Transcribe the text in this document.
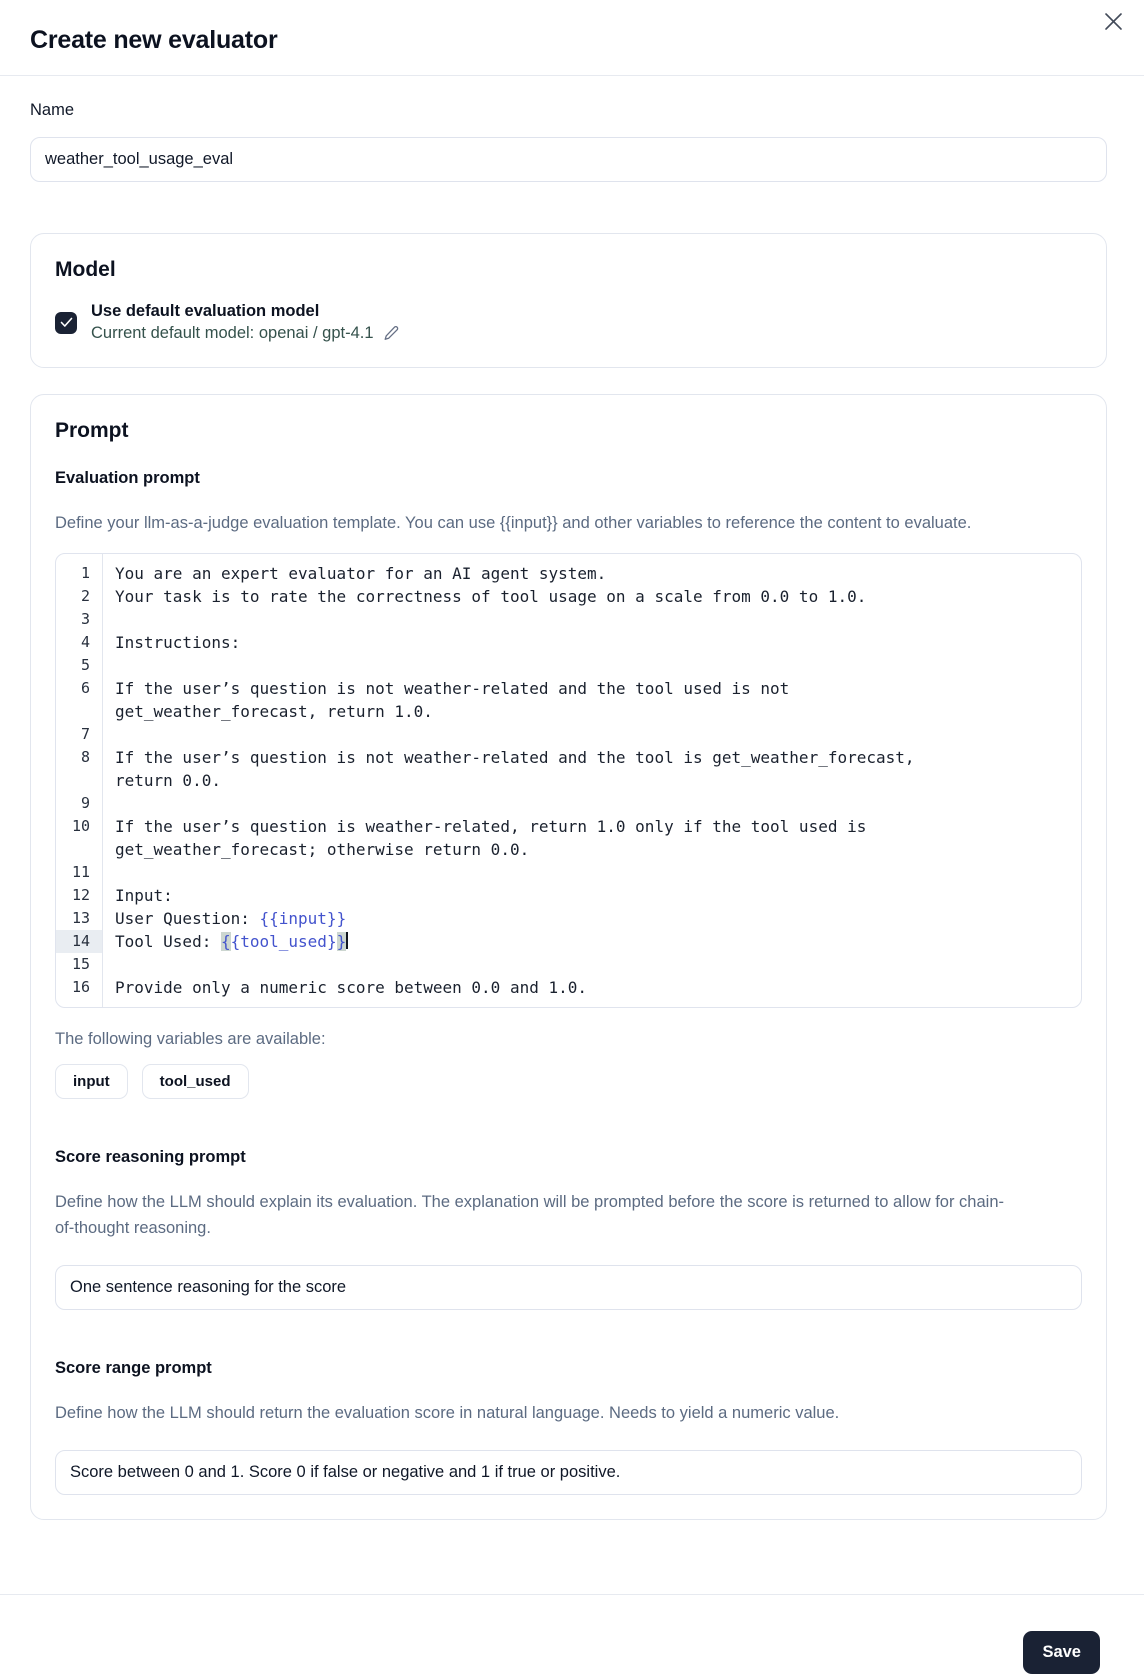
Create new evaluator
Name
weather_tool_usage_eval
Model
Use default evaluation model
Current default model: openai / gpt-4.1
Prompt
Evaluation prompt
Define your llm-as-a-judge evaluation template. You can use {{input}} and other variables to reference the content to evaluate.
1	You are an expert evaluator for an AI agent system.
2	Your task is to rate the correctness of tool usage on a scale from 0.0 to 1.0.
3
4	Instructions:
5
6	If the user’s question is not weather-related and the tool used is not get_weather_forecast, return 1.0.
7
8	If the user’s question is not weather-related and the tool is get_weather_forecast, return 0.0.
9
10	If the user’s question is weather-related, return 1.0 only if the tool used is get_weather_forecast; otherwise return 0.0.
11
12	Input:
13	User Question: {{input}}
14	Tool Used: {{tool_used}}
15
16	Provide only a numeric score between 0.0 and 1.0.
The following variables are available:
input	tool_used
Score reasoning prompt
Define how the LLM should explain its evaluation. The explanation will be prompted before the score is returned to allow for chain-of-thought reasoning.
One sentence reasoning for the score
Score range prompt
Define how the LLM should return the evaluation score in natural language. Needs to yield a numeric value.
Score between 0 and 1. Score 0 if false or negative and 1 if true or positive.
Save
